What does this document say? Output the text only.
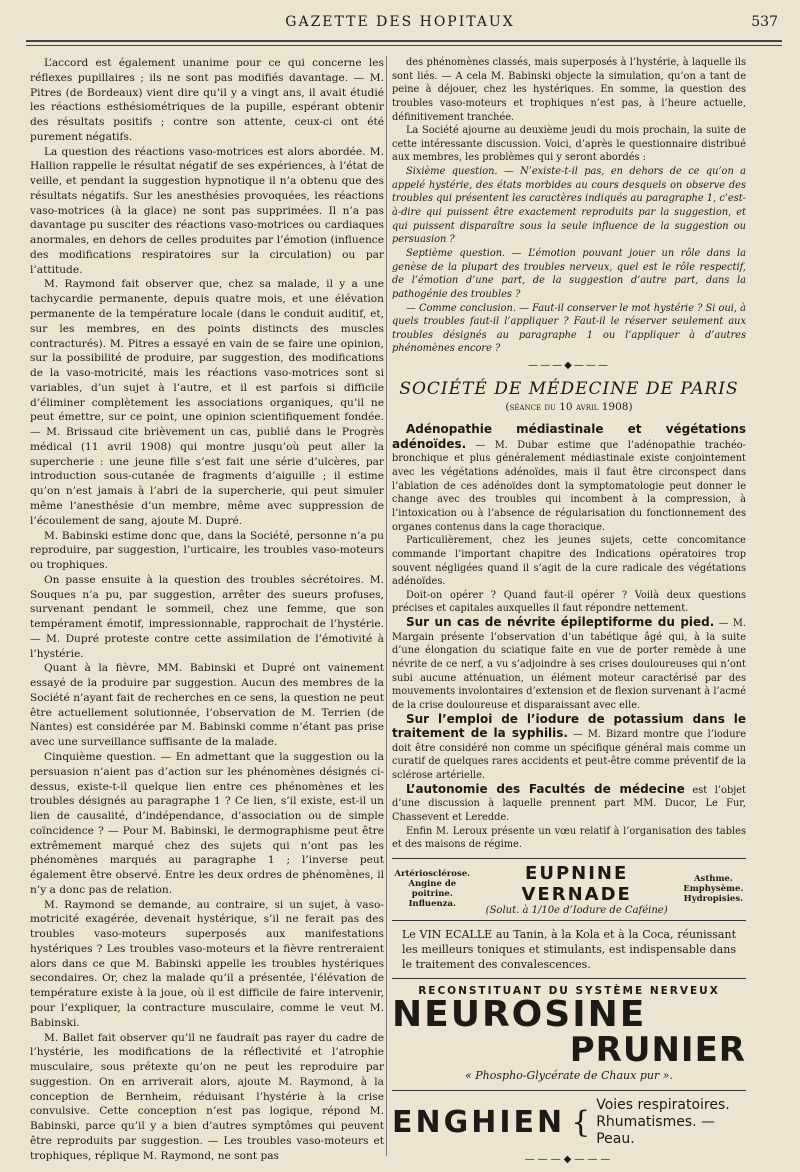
GAZETTE DES HOPITAUX	537

L’accord est également unanime pour ce qui concerne les réflexes pupillaires ; ils ne sont pas modifiés davantage. — M. Pitres (de Bordeaux) vient dire qu’il y a vingt ans, il avait étudié les réactions esthésiométriques de la pupille, espérant obtenir des résultats positifs ; contre son attente, ceux-ci ont été purement négatifs.

La question des réactions vaso-motrices est alors abordée. M. Hallion rappelle le résultat négatif de ses expériences, à l’état de veille, et pendant la suggestion hypnotique il n’a obtenu que des résultats négatifs. Sur les anesthésies provoquées, les réactions vaso-motrices (à la glace) ne sont pas supprimées. Il n’a pas davantage pu susciter des réactions vaso-motrices ou cardiaques anormales, en dehors de celles produites par l’émotion (influence des modifications respiratoires sur la circulation) ou par l’attitude.

M. Raymond fait observer que, chez sa malade, il y a une tachycardie permanente, depuis quatre mois, et une élévation permanente de la température locale (dans le conduit auditif, et, sur les membres, en des points distincts des muscles contracturés). M. Pitres a essayé en vain de se faire une opinion, sur la possibilité de produire, par suggestion, des modifications de la vaso-motricité, mais les réactions vaso-motrices sont si variables, d’un sujet à l’autre, et il est parfois si difficile d’éliminer complètement les associations organiques, qu’il ne peut émettre, sur ce point, une opinion scientifiquement fondée. — M. Brissaud cite brièvement un cas, publié dans le Progrès médical (11 avril 1908) qui montre jusqu’où peut aller la supercherie : une jeune fille s’est fait une série d’ulcères, par introduction sous-cutanée de fragments d’aiguille ; il estime qu’on n’est jamais à l’abri de la supercherie, qui peut simuler même l’anesthésie d’un membre, même avec suppression de l’écoulement de sang, ajoute M. Dupré.

M. Babinski estime donc que, dans la Société, personne n’a pu reproduire, par suggestion, l’urticaire, les troubles vaso-moteurs ou trophiques.

On passe ensuite à la question des troubles sécrétoires. M. Souques n’a pu, par suggestion, arrêter des sueurs profuses, survenant pendant le sommeil, chez une femme, que son tempérament émotif, impressionnable, rapprochait de l’hystérie. — M. Dupré proteste contre cette assimilation de l’émotivité à l’hystérie.

Quant à la fièvre, MM. Babinski et Dupré ont vainement essayé de la produire par suggestion. Aucun des membres de la Société n’ayant fait de recherches en ce sens, la question ne peut être actuellement solutionnée, l’observation de M. Terrien (de Nantes) est considérée par M. Babinski comme n’étant pas prise avec une surveillance suffisante de la malade.

Cinquième question. — En admettant que la suggestion ou la persuasion n’aient pas d’action sur les phénomènes désignés ci-dessus, existe-t-il quelque lien entre ces phénomènes et les troubles désignés au paragraphe 1 ? Ce lien, s’il existe, est-il un lien de causalité, d’indépendance, d’association ou de simple coïncidence ? — Pour M. Babinski, le dermographisme peut être extrêmement marqué chez des sujets qui n’ont pas les phénomènes marqués au paragraphe 1 ; l’inverse peut également être observé. Entre les deux ordres de phénomènes, il n’y a donc pas de relation.

M. Raymond se demande, au contraire, si un sujet, à vaso-motricité exagérée, devenait hystérique, s’il ne ferait pas des troubles vaso-moteurs superposés aux manifestations hystériques ? Les troubles vaso-moteurs et la fièvre rentreraient alors dans ce que M. Babinski appelle les troubles hystériques secondaires. Or, chez la malade qu’il a présentée, l’élévation de température existe à la joue, où il est difficile de faire intervenir, pour l’expliquer, la contracture musculaire, comme le veut M. Babinski.

M. Ballet fait observer qu’il ne faudrait pas rayer du cadre de l’hystérie, les modifications de la réflectivité et l’atrophie musculaire, sous prétexte qu’on ne peut les reproduire par suggestion. On en arriverait alors, ajoute M. Raymond, à la conception de Bernheim, réduisant l’hystérie à la crise convulsive. Cette conception n’est pas logique, répond M. Babinski, parce qu’il y a bien d’autres symptômes qui peuvent être reproduits par suggestion. — Les troubles vaso-moteurs et trophiques, réplique M. Raymond, ne sont pas

des phénomènes classés, mais superposés à l’hystérie, à laquelle ils sont liés. — A cela M. Babinski objecte la simulation, qu’on a tant de peine à déjouer, chez les hystériques. En somme, la question des troubles vaso-moteurs et trophiques n’est pas, à l’heure actuelle, définitivement tranchée.

La Société ajourne au deuxième jeudi du mois prochain, la suite de cette intéressante discussion. Voici, d’après le questionnaire distribué aux membres, les problèmes qui y seront abordés :

Sixième question. — N’existe-t-il pas, en dehors de ce qu’on a appelé hystérie, des états morbides au cours desquels on observe des troubles qui présentent les caractères indiqués au paragraphe 1, c’est-à-dire qui puissent être exactement reproduits par la suggestion, et qui puissent disparaître sous la seule influence de la suggestion ou persuasion ?

Septième question. — L’émotion pouvant jouer un rôle dans la genèse de la plupart des troubles nerveux, quel est le rôle respectif, de l’émotion d’une part, de la suggestion d’autre part, dans la pathogénie des troubles ?

— Comme conclusion. — Faut-il conserver le mot hystérie ? Si oui, à quels troubles faut-il l’appliquer ? Faut-il le réserver seulement aux troubles désignés au paragraphe 1 ou l’appliquer à d’autres phénomènes encore ?

———◆———
SOCIÉTÉ DE MÉDECINE DE PARIS
(séance du 10 avril 1908)

Adénopathie médiastinale et végétations adénoïdes. — M. Dubar estime que l’adénopathie trachéo-bronchique et plus généralement médiastinale existe conjointement avec les végétations adénoïdes, mais il faut être circonspect dans l’ablation de ces adénoïdes dont la symptomatologie peut donner le change avec des troubles qui incombent à la compression, à l’intoxication ou à l’absence de régularisation du fonctionnement des organes contenus dans la cage thoracique.

Particulièrement, chez les jeunes sujets, cette concomitance commande l’important chapitre des Indications opératoires trop souvent négligées quand il s’agit de la cure radicale des végétations adénoïdes.

Doit-on opérer ? Quand faut-il opérer ? Voilà deux questions précises et capitales auxquelles il faut répondre nettement.

Sur un cas de névrite épileptiforme du pied. — M. Margain présente l’observation d’un tabétique âgé qui, à la suite d’une élongation du sciatique faite en vue de porter remède à une névrite de ce nerf, a vu s’adjoindre à ses crises douloureuses qui n’ont subi aucune atténuation, un élément moteur caractérisé par des mouvements involontaires d’extension et de flexion survenant à l’acmé de la crise douloureuse et disparaissant avec elle.

Sur l’emploi de l’iodure de potassium dans le traitement de la syphilis. — M. Bizard montre que l’iodure doit être considéré non comme un spécifique général mais comme un curatif de quelques rares accidents et peut-être comme préventif de la sclérose artérielle.

L’autonomie des Facultés de médecine est l’objet d’une discussion à laquelle prennent part MM. Ducor, Le Fur, Chassevent et Leredde.

Enfin M. Leroux présente un vœu relatif à l’organisation des tables et des maisons de régime.

Artériosclérose. Angine de poitrine. Influenza.
EUPNINE VERNADE
(Solut. à 1/10e d’Iodure de Caféine)
Asthme. Emphysème. Hydropisies.
Le VIN ECALLE au Tanin, à la Kola et à la Coca, réunissant les meilleurs toniques et stimulants, est indispensable dans le traitement des convalescences.
RECONSTITUANT DU SYSTÈME NERVEUX
NEUROSINE
PRUNIER
« Phospho-Glycérate de Chaux pur ».
ENGHIEN { Voies respiratoires.
Rhumatismes. — Peau.
———◆———
